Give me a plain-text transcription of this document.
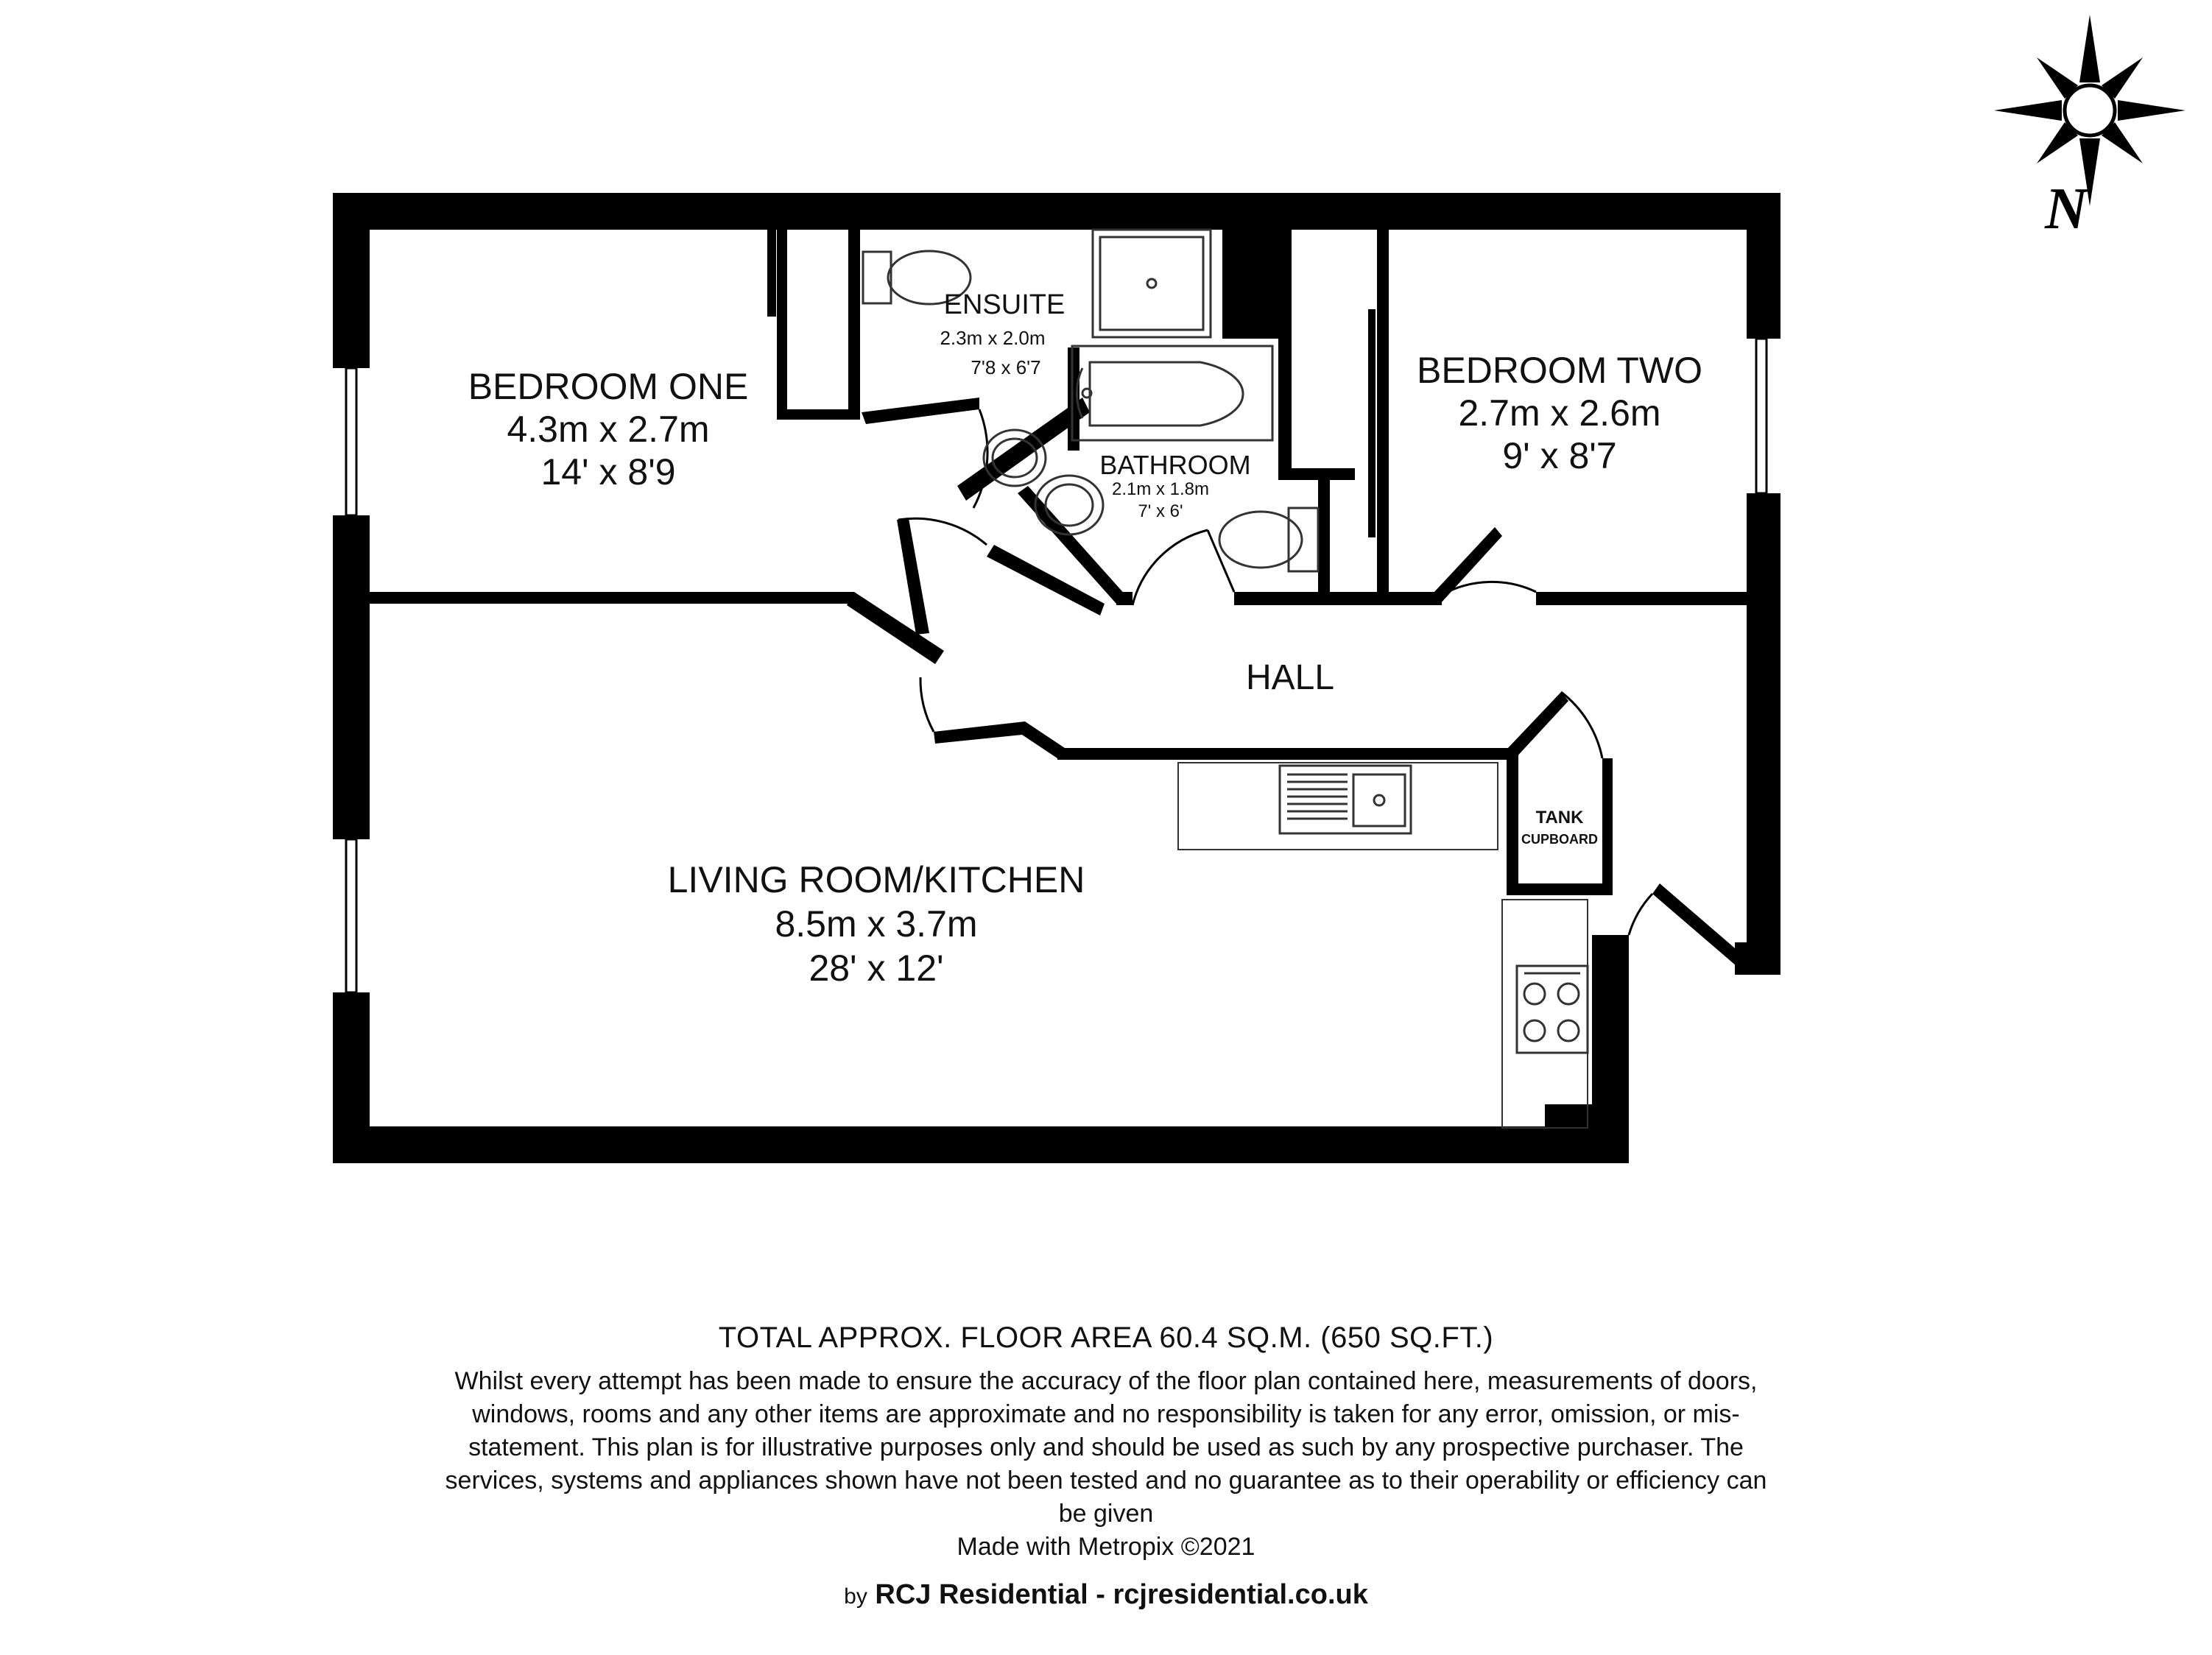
N
BEDROOM ONE
4.3m x 2.7m
14' x 8'9
ENSUITE
2.3m x 2.0m
7'8 x 6'7
BATHROOM
2.1m x 1.8m
7' x 6'
BEDROOM TWO
2.7m x 2.6m
9' x 8'7
HALL
TANK
CUPBOARD
LIVING ROOM/KITCHEN
8.5m x 3.7m
28' x 12'
TOTAL APPROX. FLOOR AREA 60.4 SQ.M. (650 SQ.FT.)
Whilst every attempt has been made to ensure the accuracy of the floor plan contained here, measurements of doors, windows, rooms and any other items are approximate and no responsibility is taken for any error, omission, or mis-statement. This plan is for illustrative purposes only and should be used as such by any prospective purchaser. The services, systems and appliances shown have not been tested and no guarantee as to their operability or efficiency can be given
Made with Metropix ©2021
by RCJ Residential - rcjresidential.co.uk
